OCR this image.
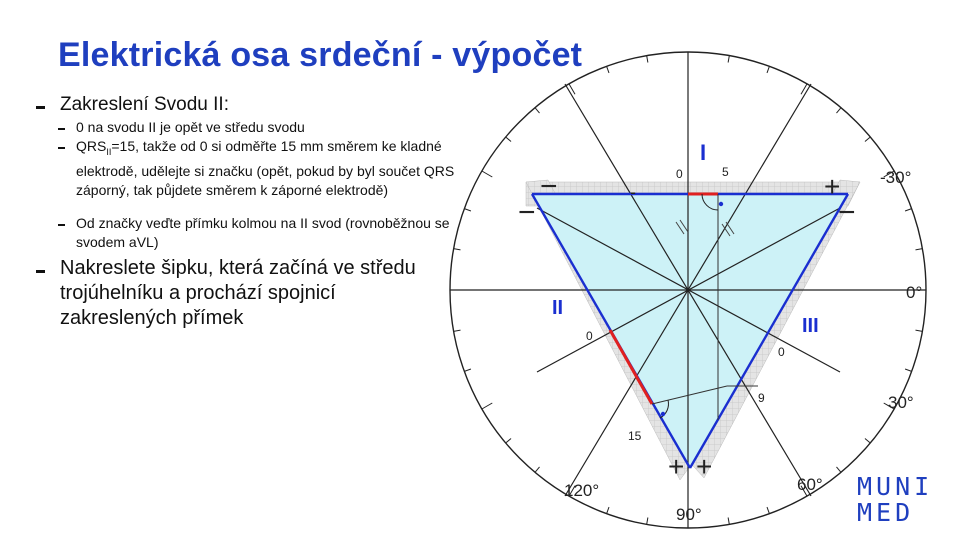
Elektrická osa srdeční - výpočet
Zakreslení Svodu II:
0 na svodu II je opět ve středu svodu
$QRS_{II}=15$, takže od 0 si odměřte 15 mm směrem ke kladné elektrodě, udělejte si značku (opět, pokud by byl součet QRS záporný, tak půjdete směrem k záporné elektrodě)
Od značky veďte přímku kolmou na II svod (rovnoběžnou se svodem aVL)
Nakreslete šipku, která začíná ve středu trojúhelníku a prochází spojnicí zakreslených přímek
I
II
III
0	5
0
15
0
9
−
−
-	+
−
+ +
-30°
0°
30°
60°
90°
120°	MUNI
MED
